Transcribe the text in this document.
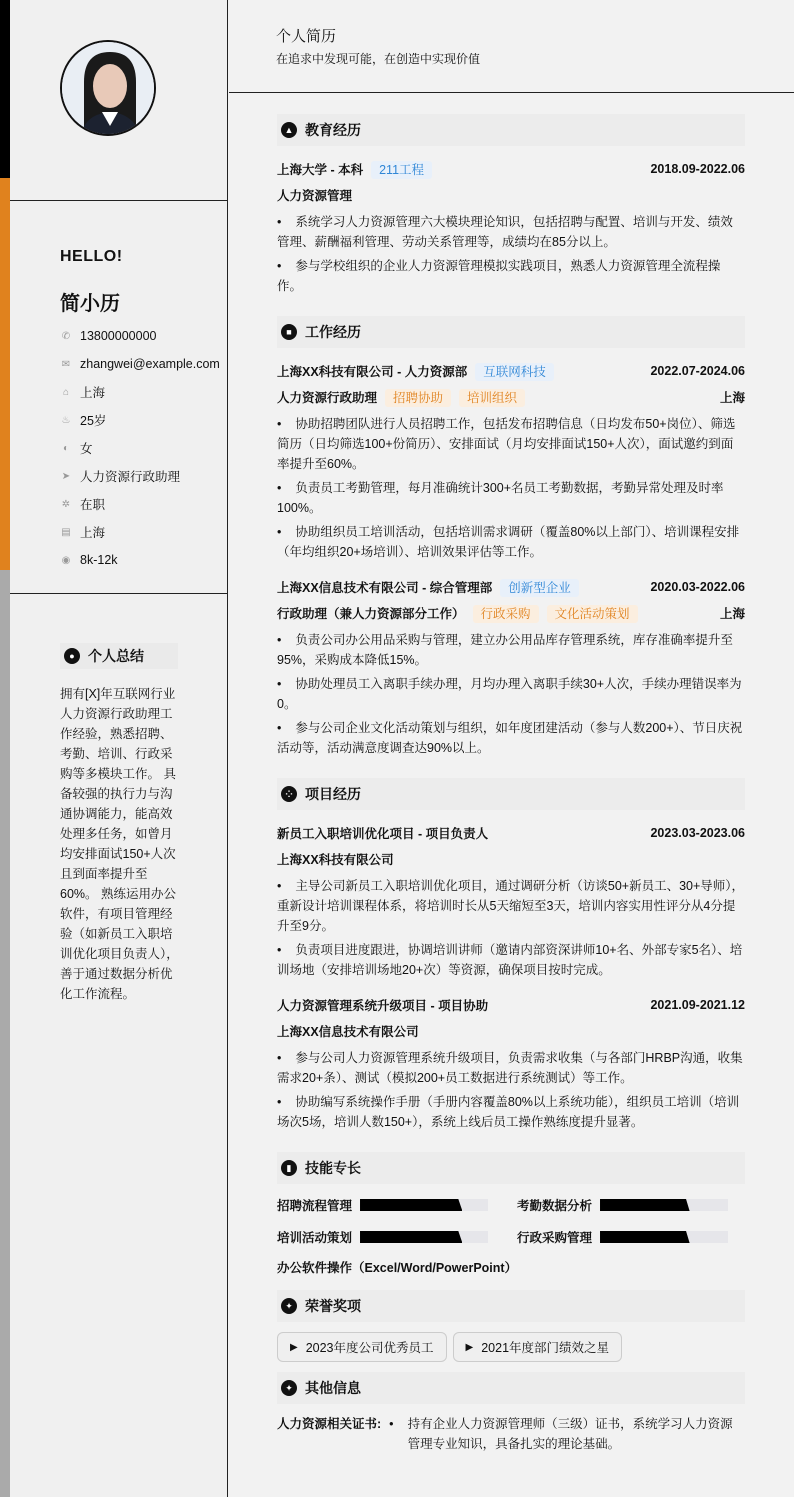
HELLO!
简小历
✆ 13800000000
✉ zhangwei@example.com
⌂ 上海
♨ 25岁
◐ 女
➤ 人力资源行政助理
✲ 在职
▤ 上海
◉ 8k-12k
● 个人总结
拥有[X]年互联网行业人力资源行政助理工作经验，熟悉招聘、考勤、培训、行政采购等多模块工作。 具备较强的执行力与沟通协调能力，能高效处理多任务，如曾月均安排面试150+人次且到面率提升至60%。 熟练运用办公软件，有项目管理经验（如新员工入职培训优化项目负责人），善于通过数据分析优化工作流程。
个人简历

在追求中发现可能，在创造中实现价值

▲ 教育经历
上海大学 - 本科 211工程	2018.09-2022.06
人力资源管理
• 系统学习人力资源管理六大模块理论知识，包括招聘与配置、培训与开发、绩效管理、薪酬福利管理、劳动关系管理等，成绩均在85分以上。
• 参与学校组织的企业人力资源管理模拟实践项目，熟悉人力资源管理全流程操作。
■ 工作经历
上海XX科技有限公司 - 人力资源部 互联网科技	2022.07-2024.06
人力资源行政助理 招聘协助 培训组织	上海
• 协助招聘团队进行人员招聘工作，包括发布招聘信息（日均发布50+岗位）、筛选简历（日均筛选100+份简历）、安排面试（月均安排面试150+人次），面试邀约到面率提升至60%。
• 负责员工考勤管理，每月准确统计300+名员工考勤数据，考勤异常处理及时率100%。
• 协助组织员工培训活动，包括培训需求调研（覆盖80%以上部门）、培训课程安排（年均组织20+场培训）、培训效果评估等工作。
上海XX信息技术有限公司 - 综合管理部 创新型企业	2020.03-2022.06
行政助理（兼人力资源部分工作） 行政采购 文化活动策划	上海
• 负责公司办公用品采购与管理，建立办公用品库存管理系统，库存准确率提升至95%，采购成本降低15%。
• 协助处理员工入离职手续办理，月均办理入离职手续30+人次，手续办理错误率为0。
• 参与公司企业文化活动策划与组织，如年度团建活动（参与人数200+）、节日庆祝活动等，活动满意度调查达90%以上。
⁘ 项目经历
新员工入职培训优化项目 - 项目负责人	2023.03-2023.06
上海XX科技有限公司
• 主导公司新员工入职培训优化项目，通过调研分析（访谈50+新员工、30+导师），重新设计培训课程体系，将培训时长从5天缩短至3天，培训内容实用性评分从4分提升至9分。
• 负责项目进度跟进，协调培训讲师（邀请内部资深讲师10+名、外部专家5名）、培训场地（安排培训场地20+次）等资源，确保项目按时完成。
人力资源管理系统升级项目 - 项目协助	2021.09-2021.12
上海XX信息技术有限公司
• 参与公司人力资源管理系统升级项目，负责需求收集（与各部门HRBP沟通，收集需求20+条）、测试（模拟200+员工数据进行系统测试）等工作。
• 协助编写系统操作手册（手册内容覆盖80%以上系统功能），组织员工培训（培训场次5场，培训人数150+），系统上线后员工操作熟练度提升显著。
▮ 技能专长
招聘流程管理	考勤数据分析
培训活动策划	行政采购管理
办公软件操作（Excel/Word/PowerPoint）
✦ 荣誉奖项
▶ 2023年度公司优秀员工	▶ 2021年度部门绩效之星
✦ 其他信息
人力资源相关证书: • 持有企业人力资源管理师（三级）证书，系统学习人力资源管理专业知识，具备扎实的理论基础。
